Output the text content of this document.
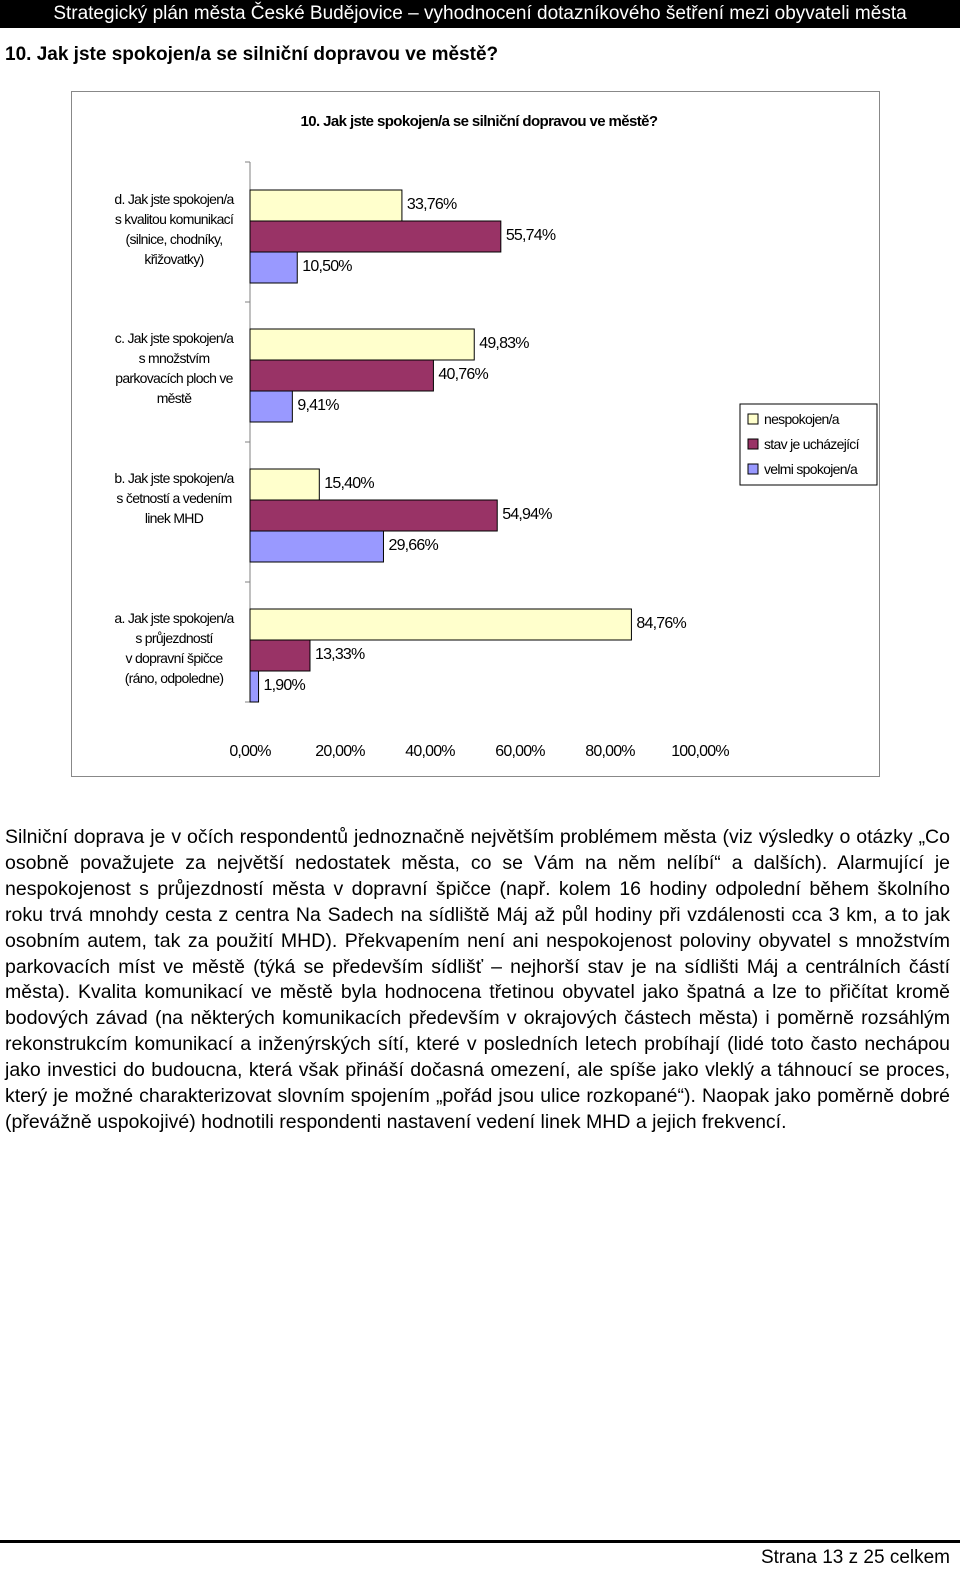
Strategický plán města České Budějovice – vyhodnocení dotazníkového šetření mezi obyvateli města
10. Jak jste spokojen/a se silniční dopravou ve městě?
10. Jak jste spokojen/a se silniční dopravou ve městě?
0,00%	20,00%	40,00%	60,00%	80,00% 100,00%
d. Jak jste spokojen/a
s kvalitou komunikací
(silnice, chodníky,
křižovatky)
33,76%
55,74%
10,50%
c. Jak jste spokojen/a
s množstvím
parkovacích ploch ve
městě
49,83%
40,76%
9,41%
b. Jak jste spokojen/a
s četností a vedením
linek MHD
15,40%
54,94%
29,66%
a. Jak jste spokojen/a
s průjezdností
v dopravní špičce
(ráno, odpoledne)
84,76%
13,33%
1,90%
nespokojen/a
stav je ucházející
velmi spokojen/a
Silniční doprava je v očích respondentů jednoznačně největším problémem města (viz výsledky o otázky „Co osobně považujete za největší nedostatek města, co se Vám na něm nelíbí“ a dalších). Alarmující je nespokojenost s průjezdností města v dopravní špičce (např. kolem 16 hodiny odpolední během školního roku trvá mnohdy cesta z centra Na Sadech na sídliště Máj až půl hodiny při vzdálenosti cca 3 km, a to jak osobním autem, tak za použití MHD). Překvapením není ani nespokojenost poloviny obyvatel s množstvím parkovacích míst ve městě (týká se především sídlišť – nejhorší stav je na sídlišti Máj a centrálních částí města). Kvalita komunikací ve městě byla hodnocena třetinou obyvatel jako špatná a lze to přičítat kromě bodových závad (na některých komunikacích především v okrajových částech města) i poměrně rozsáhlým rekonstrukcím komunikací a inženýrských sítí, které v posledních letech probíhají (lidé toto často nechápou jako investici do budoucna, která však přináší dočasná omezení, ale spíše jako vleklý a táhnoucí se proces, který je možné charakterizovat slovním spojením „pořád jsou ulice rozkopané“). Naopak jako poměrně dobré (převážně uspokojivé) hodnotili respondenti nastavení vedení linek MHD a jejich frekvencí.
Strana 13 z 25 celkem
